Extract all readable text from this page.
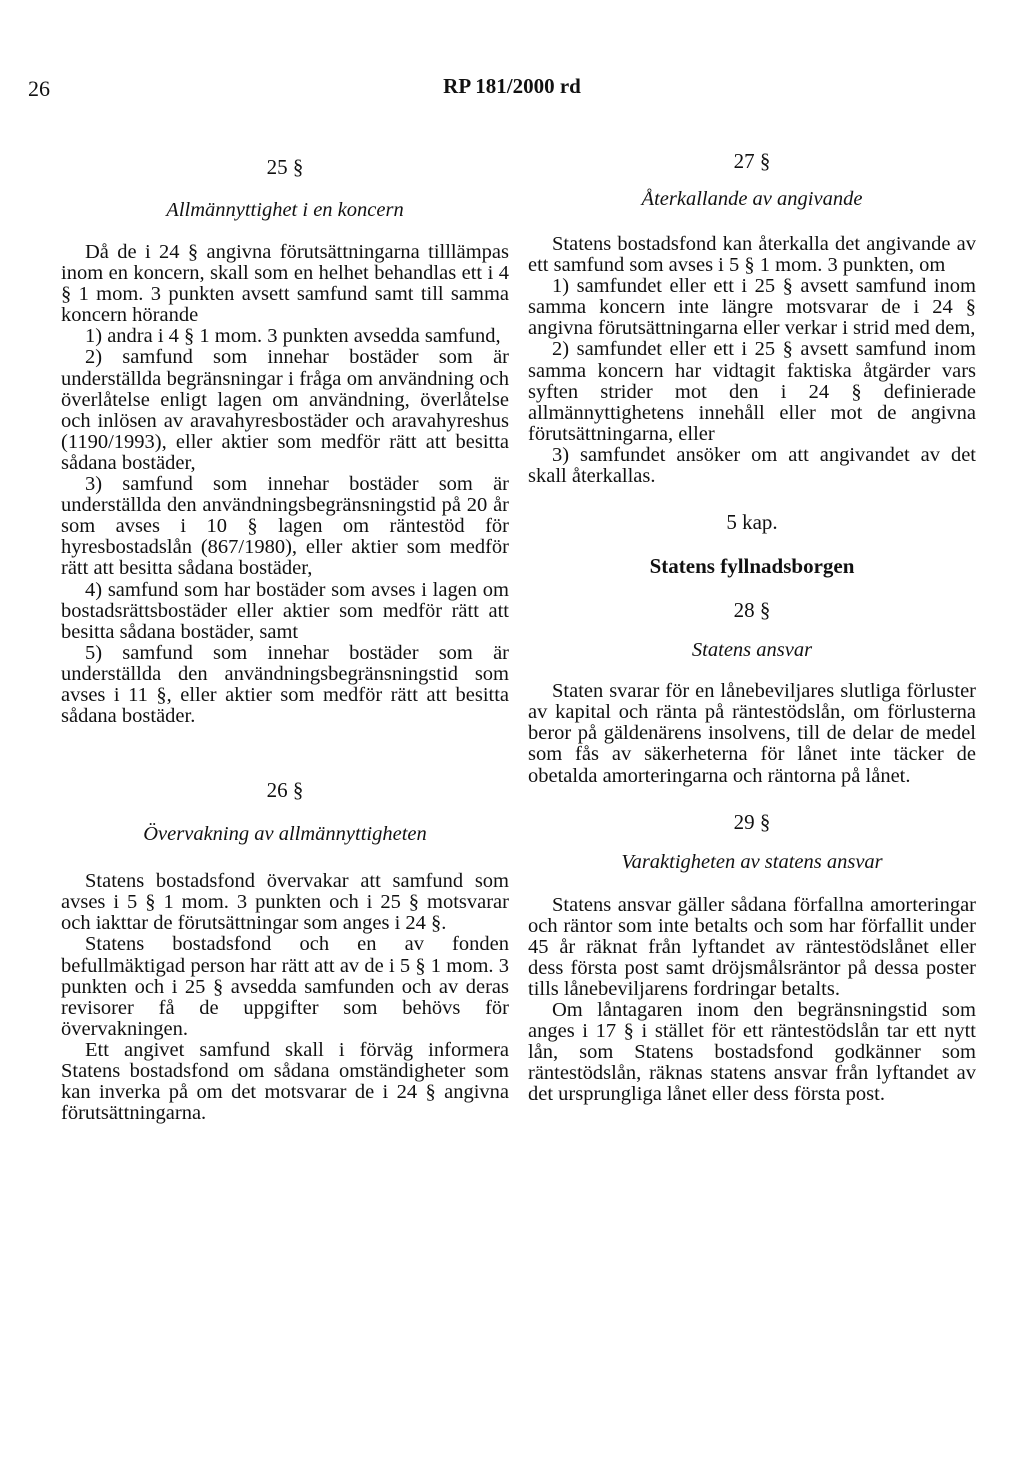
26	RP 181/2000 rd

25 §

Allmännyttighet i en koncern

Då de i 24 § angivna förutsättningarna tilllämpas inom en koncern, skall som en helhet behandlas ett i 4 § 1 mom. 3 punkten avsett samfund samt till samma koncern hörande

1) andra i 4 § 1 mom. 3 punkten avsedda samfund,

2) samfund som innehar bostäder som är underställda begränsningar i fråga om användning och överlåtelse enligt lagen om användning, överlåtelse och inlösen av aravahyresbostäder och aravahyreshus (1190/1993), eller aktier som medför rätt att besitta sådana bostäder,

3) samfund som innehar bostäder som är underställda den användningsbegränsningstid på 20 år som avses i 10 § lagen om räntestöd för hyresbostadslån (867/1980), eller aktier som medför rätt att besitta sådana bostäder,

4) samfund som har bostäder som avses i lagen om bostadsrättsbostäder eller aktier som medför rätt att besitta sådana bostäder, samt

5) samfund som innehar bostäder som är underställda den användningsbegränsningstid som avses i 11 §, eller aktier som medför rätt att besitta sådana bostäder.

26 §

Övervakning av allmännyttigheten

Statens bostadsfond övervakar att samfund som avses i 5 § 1 mom. 3 punkten och i 25 § motsvarar och iakttar de förutsättningar som anges i 24 §.

Statens bostadsfond och en av fonden befullmäktigad person har rätt att av de i 5 § 1 mom. 3 punkten och i 25 § avsedda samfunden och av deras revisorer få de uppgifter som behövs för övervakningen.

Ett angivet samfund skall i förväg informera Statens bostadsfond om sådana omständigheter som kan inverka på om det motsvarar de i 24 § angivna förutsättningarna.

27 §

Återkallande av angivande

Statens bostadsfond kan återkalla det angivande av ett samfund som avses i 5 § 1 mom. 3 punkten, om

1) samfundet eller ett i 25 § avsett samfund inom samma koncern inte längre motsvarar de i 24 § angivna förutsättningarna eller verkar i strid med dem,

2) samfundet eller ett i 25 § avsett samfund inom samma koncern har vidtagit faktiska åtgärder vars syften strider mot den i 24 § definierade allmännyttighetens innehåll eller mot de angivna förutsättningarna, eller

3) samfundet ansöker om att angivandet av det skall återkallas.

5 kap.

Statens fyllnadsborgen

28 §

Statens ansvar

Staten svarar för en lånebeviljares slutliga förluster av kapital och ränta på räntestödslån, om förlusterna beror på gäldenärens insolvens, till de delar de medel som fås av säkerheterna för lånet inte täcker de obetalda amorteringarna och räntorna på lånet.

29 §

Varaktigheten av statens ansvar

Statens ansvar gäller sådana förfallna amorteringar och räntor som inte betalts och som har förfallit under 45 år räknat från lyftandet av räntestödslånet eller dess första post samt dröjsmålsräntor på dessa poster tills lånebeviljarens fordringar betalts.

Om låntagaren inom den begränsningstid som anges i 17 § i stället för ett räntestödslån tar ett nytt lån, som Statens bostadsfond godkänner som räntestödslån, räknas statens ansvar från lyftandet av det ursprungliga lånet eller dess första post.
